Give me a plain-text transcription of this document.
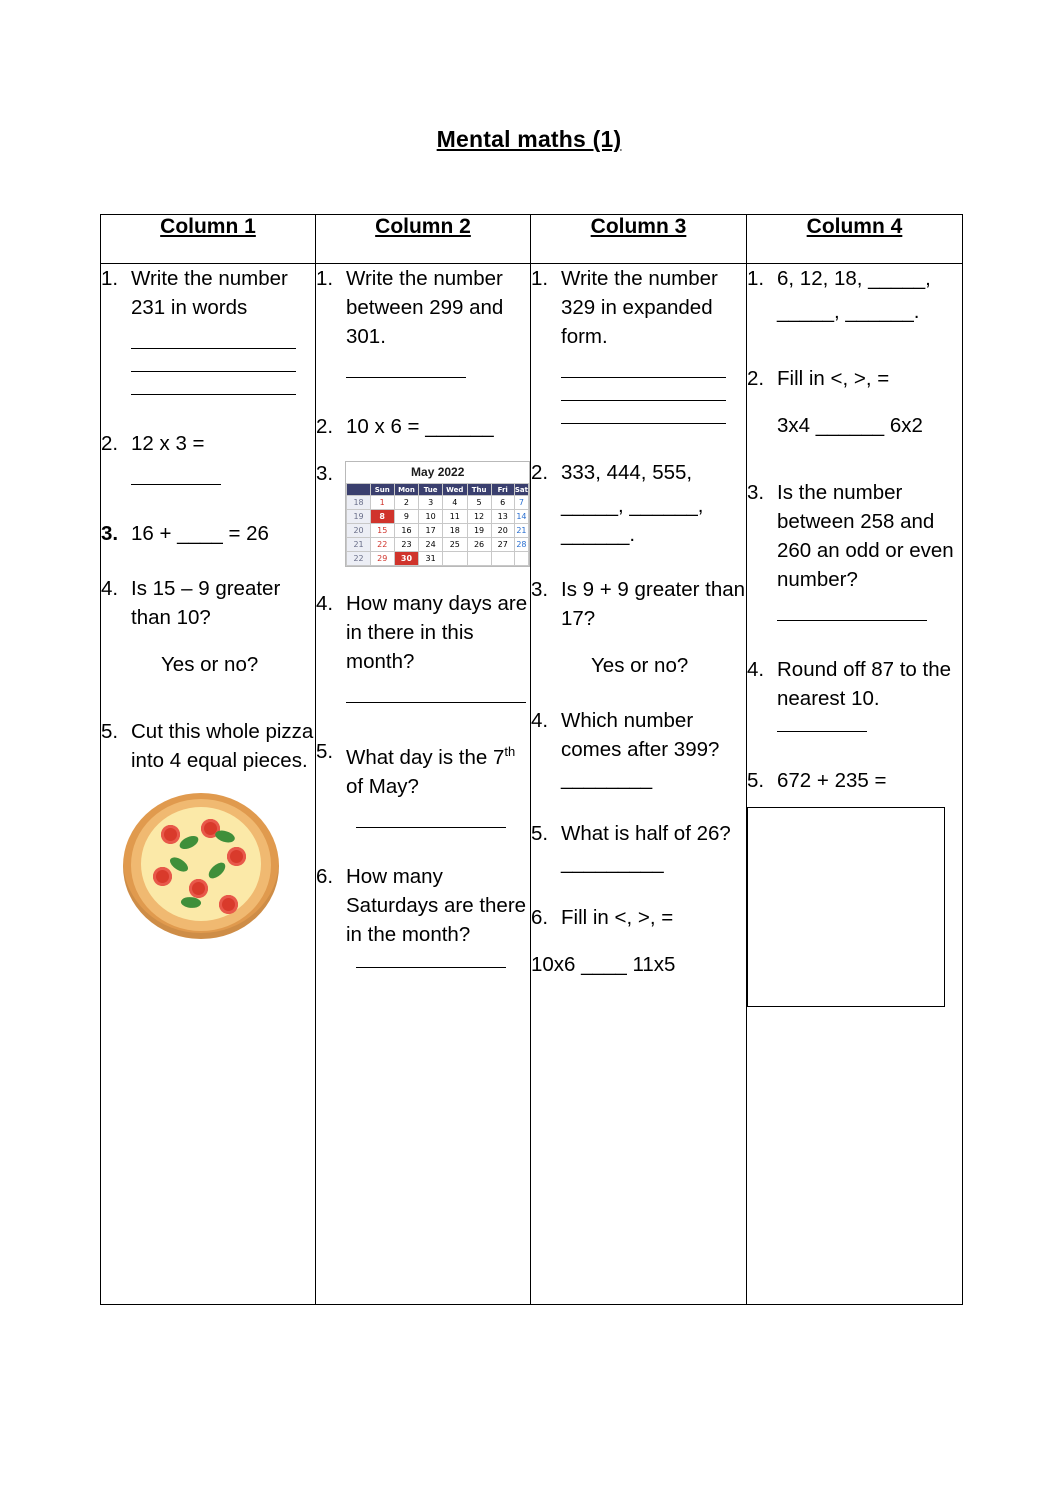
Mental maths (1)
Column 1	Column 2	Column 3	Column 4

1. Write the number 231 in words
2. 12 x 3 =
3. 16 + ____ = 26
4. Is 15 – 9 greater than 10?
Yes or no?
5. Cut this whole pizza into 4 equal pieces.

1. Write the number between 299 and 301.
2. 10 x 6 = ______
3.	May 2022
	Sun	Mon	Tue	Wed	Thu	Fri	Sat
18	1	2	3	4	5	6	7
19	8	9	10	11	12	13	14
20	15	16	17	18	19	20	21
21	22	23	24	25	26	27	28
22	29	30	31				
4. How many days are in there in this month?
5. What day is the 7th of May?
6. How many Saturdays are there in the month?

1. Write the number 329 in expanded form.
2. 333, 444, 555,
_____, ______, ______.
3. Is 9 + 9 greater than 17?
Yes or no?
4. Which number comes after 399? ________
5. What is half of 26? _________
6. Fill in <, >, =
10x6 ____ 11x5

1. 6, 12, 18, _____,
_____, ______.
2. Fill in <, >, =
3x4 ______ 6x2
3. Is the number between 258 and 260 an odd or even number?
4. Round off 87 to the nearest 10.
5. 672 + 235 =
